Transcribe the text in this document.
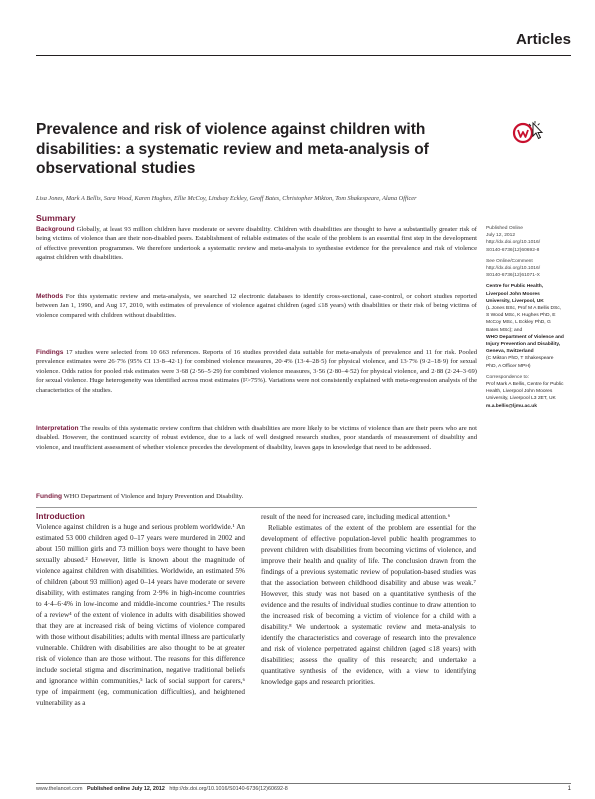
Articles
Prevalence and risk of violence against children with disabilities: a systematic review and meta-analysis of observational studies
Lisa Jones, Mark A Bellis, Sara Wood, Karen Hughes, Ellie McCoy, Lindsay Eckley, Geoff Bates, Christopher Mikton, Tom Shakespeare, Alana Officer
Summary

Background Globally, at least 93 million children have moderate or severe disability. Children with disabilities are thought to have a substantially greater risk of being victims of violence than are their non-disabled peers. Establishment of reliable estimates of the scale of the problem is an essential first step in the development of effective prevention programmes. We therefore undertook a systematic review and meta-analysis to synthesise evidence for the prevalence and risk of violence against children with disabilities.

Methods For this systematic review and meta-analysis, we searched 12 electronic databases to identify cross-sectional, case-control, or cohort studies reported between Jan 1, 1990, and Aug 17, 2010, with estimates of prevalence of violence against children (aged ≤18 years) with disabilities or their risk of being victims of violence compared with children without disabilities.

Findings 17 studies were selected from 10 663 references. Reports of 16 studies provided data suitable for meta-analysis of prevalence and 11 for risk. Pooled prevalence estimates were 26·7% (95% CI 13·8–42·1) for combined violence measures, 20·4% (13·4–28·5) for physical violence, and 13·7% (9·2–18·9) for sexual violence. Odds ratios for pooled risk estimates were 3·68 (2·56–5·29) for combined violence measures, 3·56 (2·80–4·52) for physical violence, and 2·88 (2·24–3·69) for sexual violence. Huge heterogeneity was identified across most estimates (I²>75%). Variations were not consistently explained with meta-regression analysis of the characteristics of the studies.

Interpretation The results of this systematic review confirm that children with disabilities are more likely to be victims of violence than are their peers who are not disabled. However, the continued scarcity of robust evidence, due to a lack of well designed research studies, poor standards of measurement of disability and violence, and insufficient assessment of whether violence precedes the development of disability, leaves gaps in knowledge that need to be addressed.

Funding WHO Department of Violence and Injury Prevention and Disability.

Introduction

Violence against children is a huge and serious problem worldwide.¹ An estimated 53 000 children aged 0–17 years were murdered in 2002 and about 150 million girls and 73 million boys were thought to have been sexually abused.² However, little is known about the magnitude of violence against children with disabilities. Worldwide, an estimated 5% of children (about 93 million) aged 0–14 years have moderate or severe disability, with estimates ranging from 2·9% in high-income countries to 4·4–6·4% in low-income and middle-income countries.³ The results of a review⁴ of the extent of violence in adults with disabilities showed that they are at increased risk of being victims of violence compared with those without disabilities; adults with mental illness are particularly vulnerable. Children with disabilities are also thought to be at greater risk of violence than are those without. The reasons for this difference include societal stigma and discrimination, negative traditional beliefs and ignorance within communities,⁵ lack of social support for carers,⁶ type of impairment (eg, communication difficulties), and heightened vulnerability as a

result of the need for increased care, including medical attention.⁶

Reliable estimates of the extent of the problem are essential for the development of effective population-level public health programmes to prevent children with disabilities from becoming victims of violence, and improve their health and quality of life. The conclusion drawn from the findings of a previous systematic review of population-based studies was that the association between childhood disability and abuse was weak.⁷ However, this study was not based on a quantitative synthesis of the evidence and the results of individual studies continue to draw attention to the increased risk of becoming a victim of violence for a child with a disability.⁸ We undertook a systematic review and meta-analysis to identify the characteristics and coverage of research into the prevalence and risk of violence perpetrated against children (aged ≤18 years) with disabilities; assess the quality of this research; and undertake a quantitative synthesis of the evidence, with a view to identifying knowledge gaps and research priorities.

Published Online
July 12, 2012
http://dx.doi.org/10.1016/
S0140-6736(12)60692-8
See Online/Comment
http://dx.doi.org/10.1016/
S0140-6736(12)61071-X
Centre for Public Health, Liverpool John Moores University, Liverpool, UK
(L Jones BSc, Prof M A Bellis DSc, S Wood MSc, K Hughes PhD, E McCoy MSc, L Eckley PhD, G Bates MSc); and
WHO Department of Violence and Injury Prevention and Disability, Geneva, Switzerland
(C Mikton PhD, T Shakespeare PhD, A Officer MPH)
Correspondence to:
Prof Mark A Bellis, Centre for Public Health, Liverpool John Moores University, Liverpool L3 2ET, UK
m.a.bellis@ljmu.ac.uk
www.thelancet.com Published online July 12, 2012 http://dx.doi.org/10.1016/S0140-6736(12)60692-8	1
